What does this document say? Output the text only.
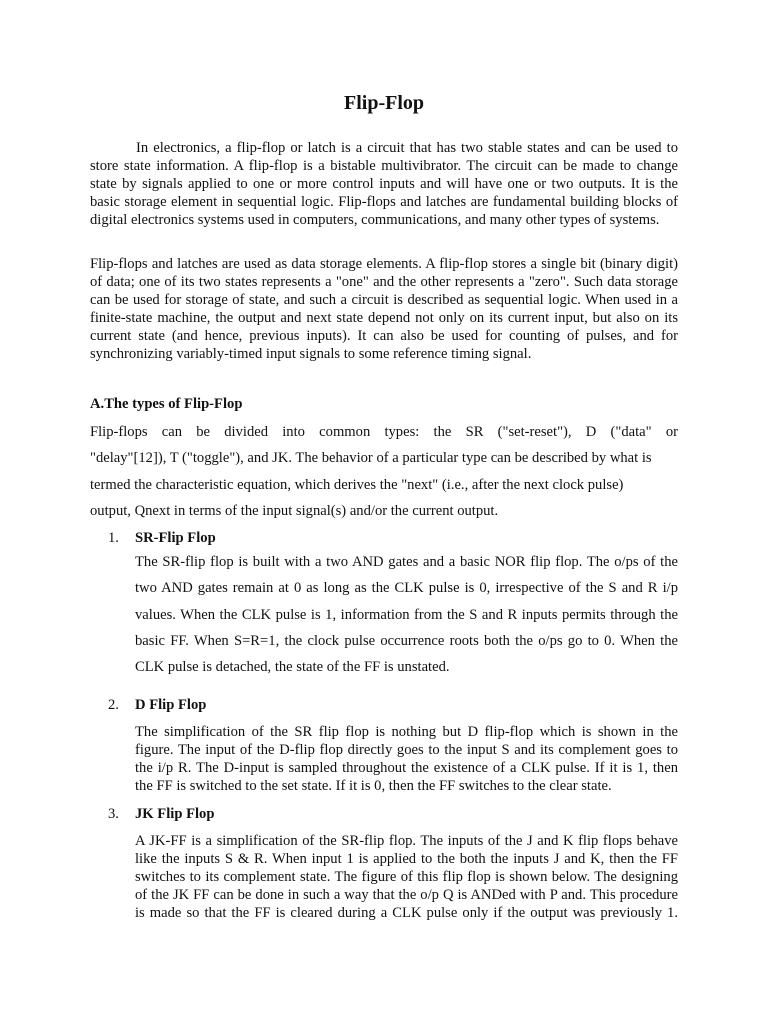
Flip-Flop

In electronics, a flip-flop or latch is a circuit that has two stable states and can be used to store state information. A flip-flop is a bistable multivibrator. The circuit can be made to change state by signals applied to one or more control inputs and will have one or two outputs. It is the basic storage element in sequential logic. Flip-flops and latches are fundamental building blocks of digital electronics systems used in computers, communications, and many other types of systems.

Flip-flops and latches are used as data storage elements. A flip-flop stores a single bit (binary digit) of data; one of its two states represents a "one" and the other represents a "zero". Such data storage can be used for storage of state, and such a circuit is described as sequential logic. When used in a finite-state machine, the output and next state depend not only on its current input, but also on its current state (and hence, previous inputs). It can also be used for counting of pulses, and for synchronizing variably-timed input signals to some reference timing signal.

A.The types of Flip-Flop

Flip-flops can be divided into common types: the SR ("set-reset"), D ("data" or
"delay"[12]), T ("toggle"), and JK. The behavior of a particular type can be described by what is
termed the characteristic equation, which derives the "next" (i.e., after the next clock pulse)
output, Qnext in terms of the input signal(s) and/or the current output.

1. SR-Flip Flop

The SR-flip flop is built with a two AND gates and a basic NOR flip flop. The o/ps of the
two AND gates remain at 0 as long as the CLK pulse is 0, irrespective of the S and R i/p
values. When the CLK pulse is 1, information from the S and R inputs permits through the
basic FF. When S=R=1, the clock pulse occurrence roots both the o/ps go to 0. When the
CLK pulse is detached, the state of the FF is unstated.

2. D Flip Flop

The simplification of the SR flip flop is nothing but D flip-flop which is shown in the
figure. The input of the D-flip flop directly goes to the input S and its complement goes to
the i/p R. The D-input is sampled throughout the existence of a CLK pulse. If it is 1, then
the FF is switched to the set state. If it is 0, then the FF switches to the clear state.

3. JK Flip Flop

A JK-FF is a simplification of the SR-flip flop. The inputs of the J and K flip flops behave
like the inputs S & R. When input 1 is applied to the both the inputs J and K, then the FF
switches to its complement state. The figure of this flip flop is shown below. The designing
of the JK FF can be done in such a way that the o/p Q is ANDed with P and. This procedure
is made so that the FF is cleared during a CLK pulse only if the output was previously 1.
